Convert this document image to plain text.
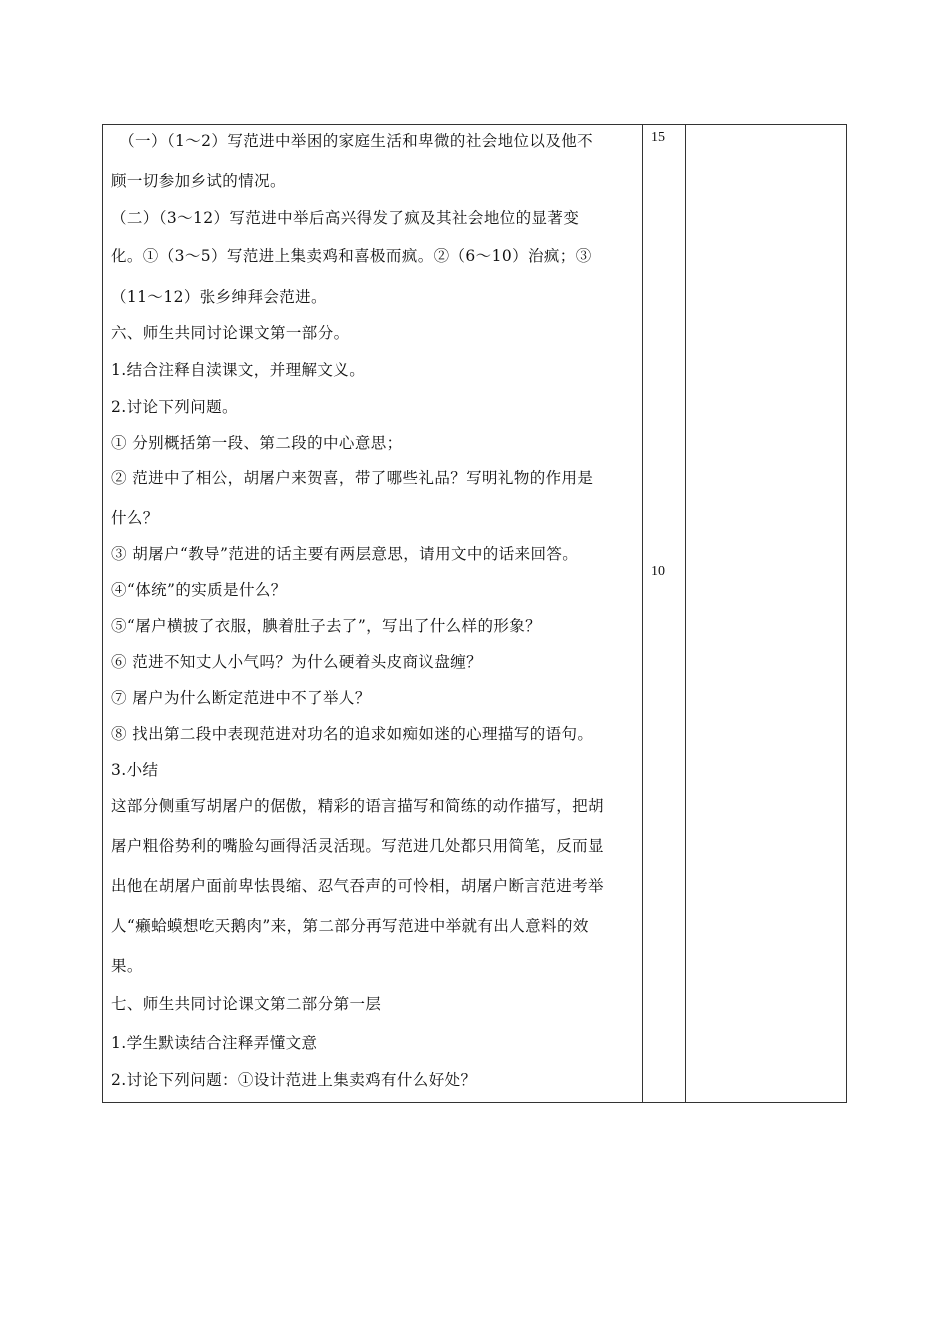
　（一）（1～2）写范进中举困的家庭生活和卑微的社会地位以及他不
顾一切参加乡试的情况。
（二）（3～12）写范进中举后高兴得发了疯及其社会地位的显著变
化。①（3～5）写范进上集卖鸡和喜极而疯。②（6～10）治疯；③
（11～12）张乡绅拜会范进。
六、师生共同讨论课文第一部分。
1.结合注释自渎课文，并理解文义。
2.讨论下列问题。
① 分别概括第一段、第二段的中心意思；
② 范进中了相公，胡屠户来贺喜，带了哪些礼品？写明礼物的作用是
什么？
③ 胡屠户“教导”范进的话主要有两层意思，请用文中的话来回答。
④“体统”的实质是什么？
⑤“屠户横披了衣服，腆着肚子去了”，写出了什么样的形象？
⑥ 范进不知丈人小气吗？为什么硬着头皮商议盘缠？
⑦ 屠户为什么断定范进中不了举人？
⑧ 找出第二段中表现范进对功名的追求如痴如迷的心理描写的语句。
3.小结
这部分侧重写胡屠户的倨傲，精彩的语言描写和简练的动作描写，把胡
屠户粗俗势利的嘴脸勾画得活灵活现。写范进几处都只用简笔，反而显
出他在胡屠户面前卑怯畏缩、忍气吞声的可怜相，胡屠户断言范进考举
人“癞蛤蟆想吃天鹅肉”来，第二部分再写范进中举就有出人意料的效
果。
七、师生共同讨论课文第二部分第一层
1.学生默读结合注释弄懂文意
2.讨论下列问题：①设计范进上集卖鸡有什么好处？
15
10
